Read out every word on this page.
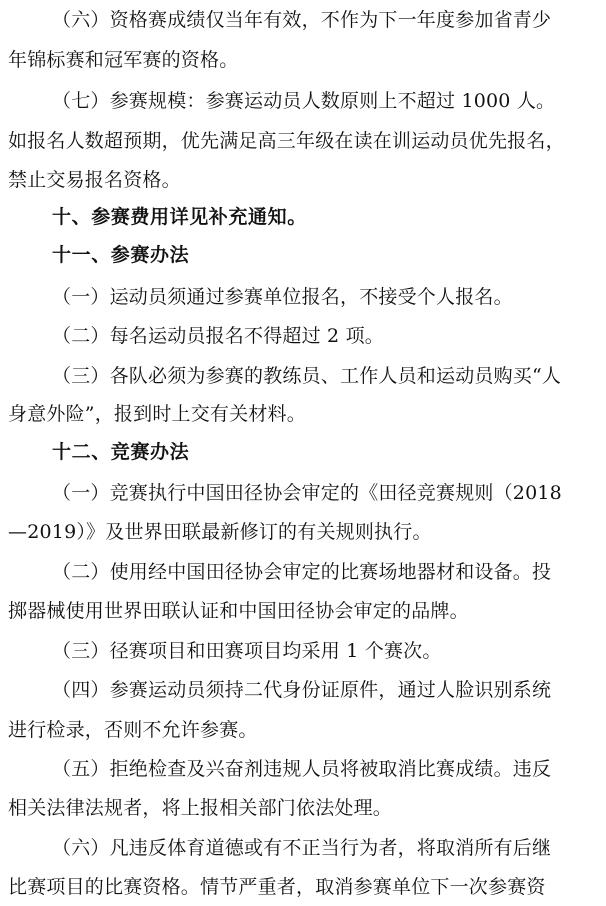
（六）资格赛成绩仅当年有效，不作为下一年度参加省青少
年锦标赛和冠军赛的资格。
（七）参赛规模：参赛运动员人数原则上不超过 1000 人。
如报名人数超预期，优先满足高三年级在读在训运动员优先报名，
禁止交易报名资格。
十、参赛费用详见补充通知。
十一、参赛办法
（一）运动员须通过参赛单位报名，不接受个人报名。
（二）每名运动员报名不得超过 2 项。
（三）各队必须为参赛的教练员、工作人员和运动员购买“人
身意外险”，报到时上交有关材料。
十二、竞赛办法
（一）竞赛执行中国田径协会审定的《田径竞赛规则（2018
—2019）》及世界田联最新修订的有关规则执行。
（二）使用经中国田径协会审定的比赛场地器材和设备。投
掷器械使用世界田联认证和中国田径协会审定的品牌。
（三）径赛项目和田赛项目均采用 1 个赛次。
（四）参赛运动员须持二代身份证原件，通过人脸识别系统
进行检录，否则不允许参赛。
（五）拒绝检查及兴奋剂违规人员将被取消比赛成绩。违反
相关法律法规者，将上报相关部门依法处理。
（六）凡违反体育道德或有不正当行为者，将取消所有后继
比赛项目的比赛资格。情节严重者，取消参赛单位下一次参赛资
